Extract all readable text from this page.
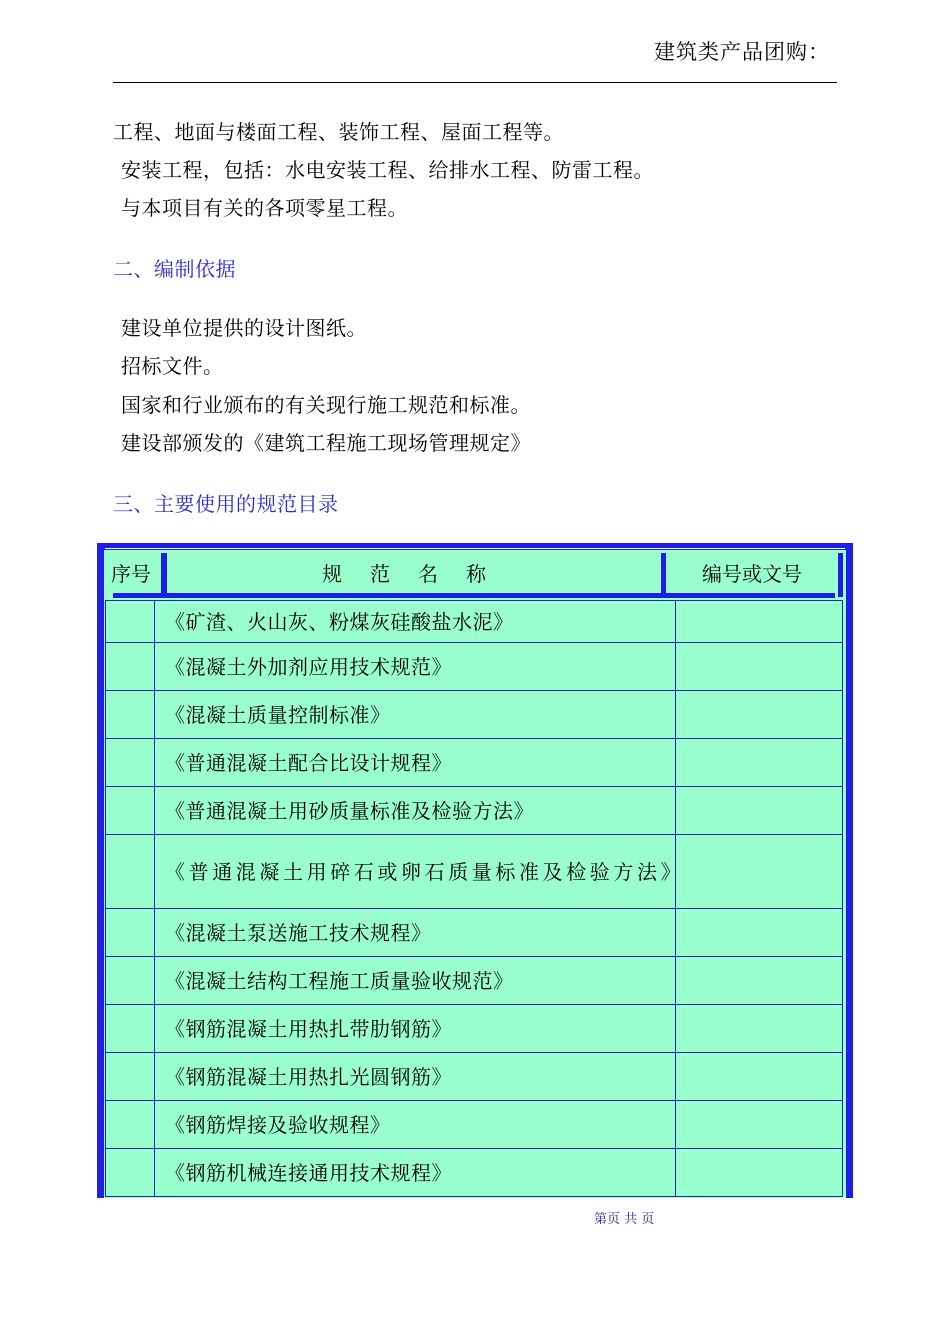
建筑类产品团购：
工程、地面与楼面工程、装饰工程、屋面工程等。
安装工程，包括：水电安装工程、给排水工程、防雷工程。
与本项目有关的各项零星工程。
二、编制依据
建设单位提供的设计图纸。
招标文件。
国家和行业颁布的有关现行施工规范和标准。
建设部颁发的《建筑工程施工现场管理规定》
三、主要使用的规范目录
序号	规　范　名　称	编号或文号
	《矿渣、火山灰、粉煤灰硅酸盐水泥》	
	《混凝土外加剂应用技术规范》	
	《混凝土质量控制标准》	
	《普通混凝土配合比设计规程》	
	《普通混凝土用砂质量标准及检验方法》	
	《普通混凝土用碎石或卵石质量标准及检验方法》	
	《混凝土泵送施工技术规程》	
	《混凝土结构工程施工质量验收规范》	
	《钢筋混凝土用热扎带肋钢筋》	
	《钢筋混凝土用热扎光圆钢筋》	
	《钢筋焊接及验收规程》	
	《钢筋机械连接通用技术规程》	
第页 共 页
